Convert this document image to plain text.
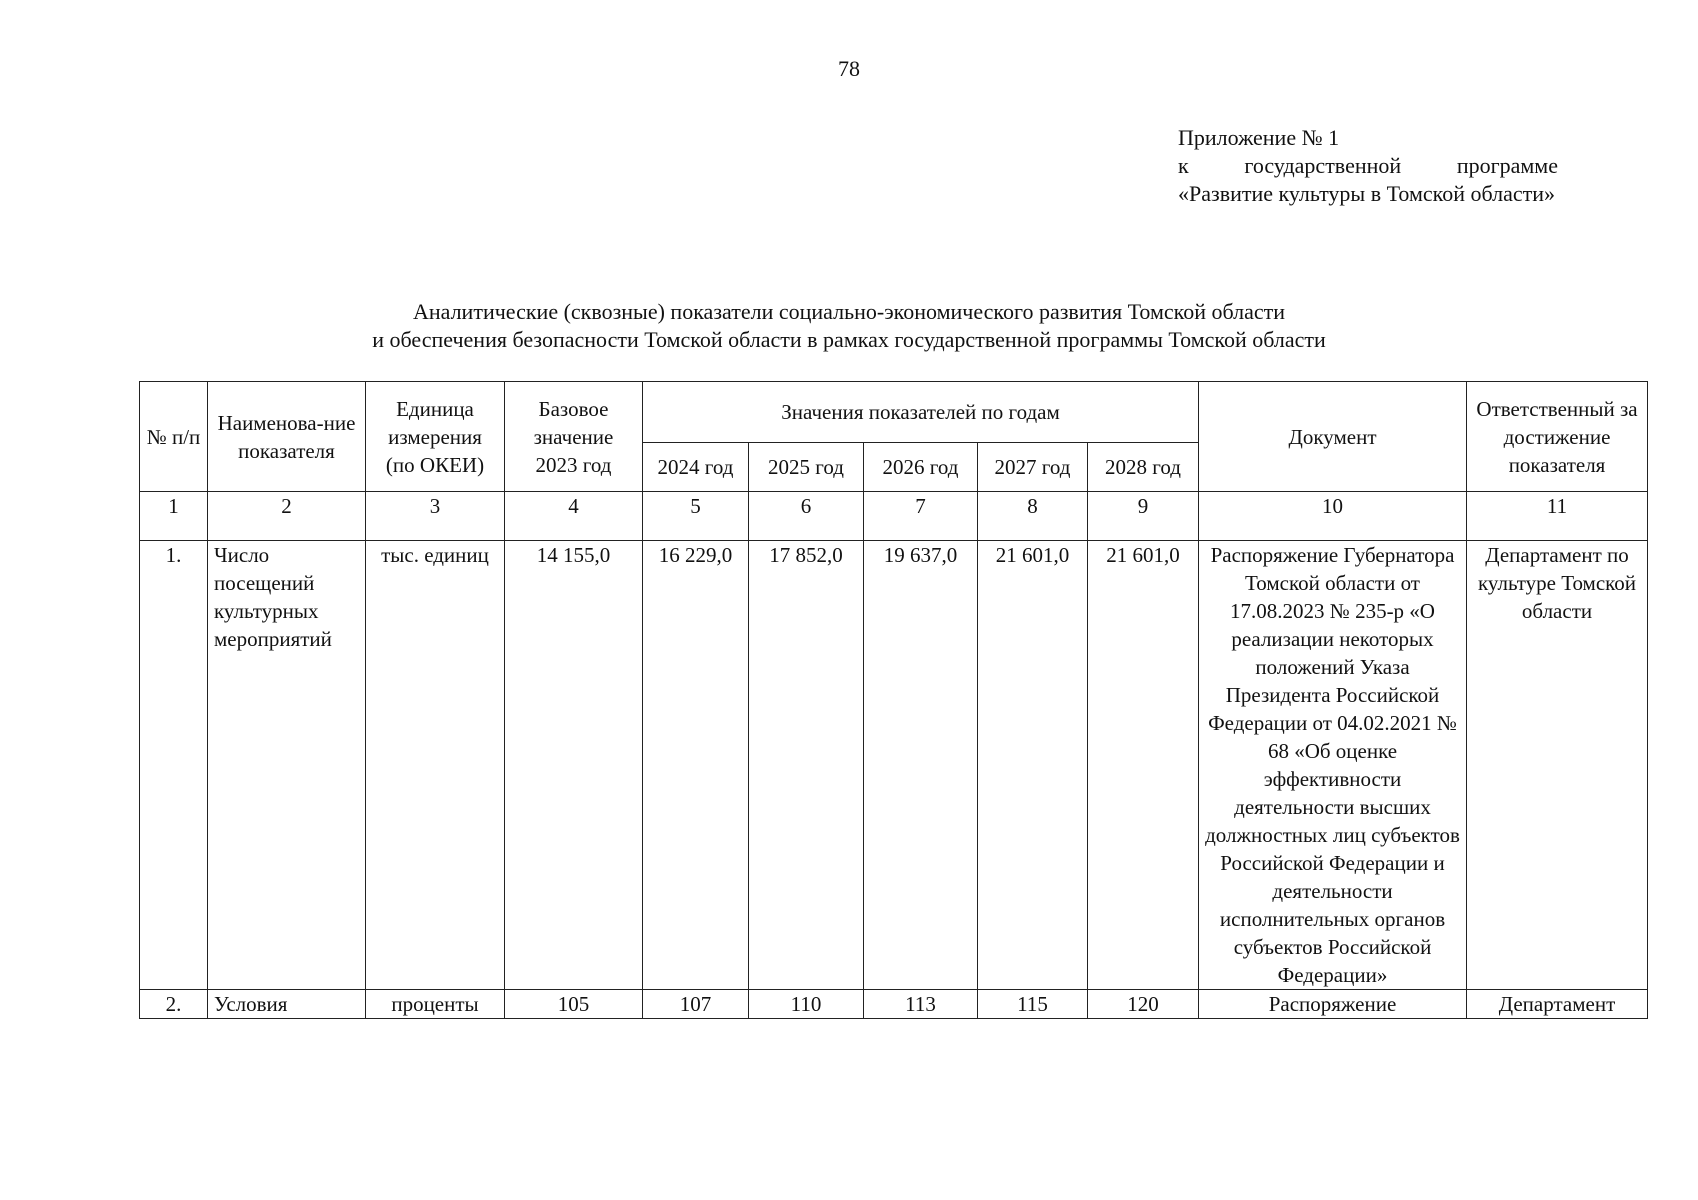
78
Приложение № 1
к государственной программе «Развитие культуры в Томской области»
Аналитические (сквозные) показатели социально-экономического развития Томской области
и обеспечения безопасности Томской области в рамках государственной программы Томской области
№ п/п	Наименова-ние показателя	Единица измерения (по ОКЕИ)	Базовое значение 2023 год	Значения показателей по годам					Документ	Ответственный за достижение показателя
				2024 год	2025 год	2026 год	2027 год	2028 год		
1	2	3	4	5	6	7	8	9	10	11
1.	Число посещений культурных мероприятий	тыс. единиц	14 155,0	16 229,0	17 852,0	19 637,0	21 601,0	21 601,0	Распоряжение Губернатора Томской области от 17.08.2023 № 235-р «О реализации некоторых положений Указа Президента Российской Федерации от 04.02.2021 № 68 «Об оценке эффективности деятельности высших должностных лиц субъектов Российской Федерации и деятельности исполнительных органов субъектов Российской Федерации»	Департамент по культуре Томской области
2.	Условия	проценты	105	107	110	113	115	120	Распоряжение	Департамент
